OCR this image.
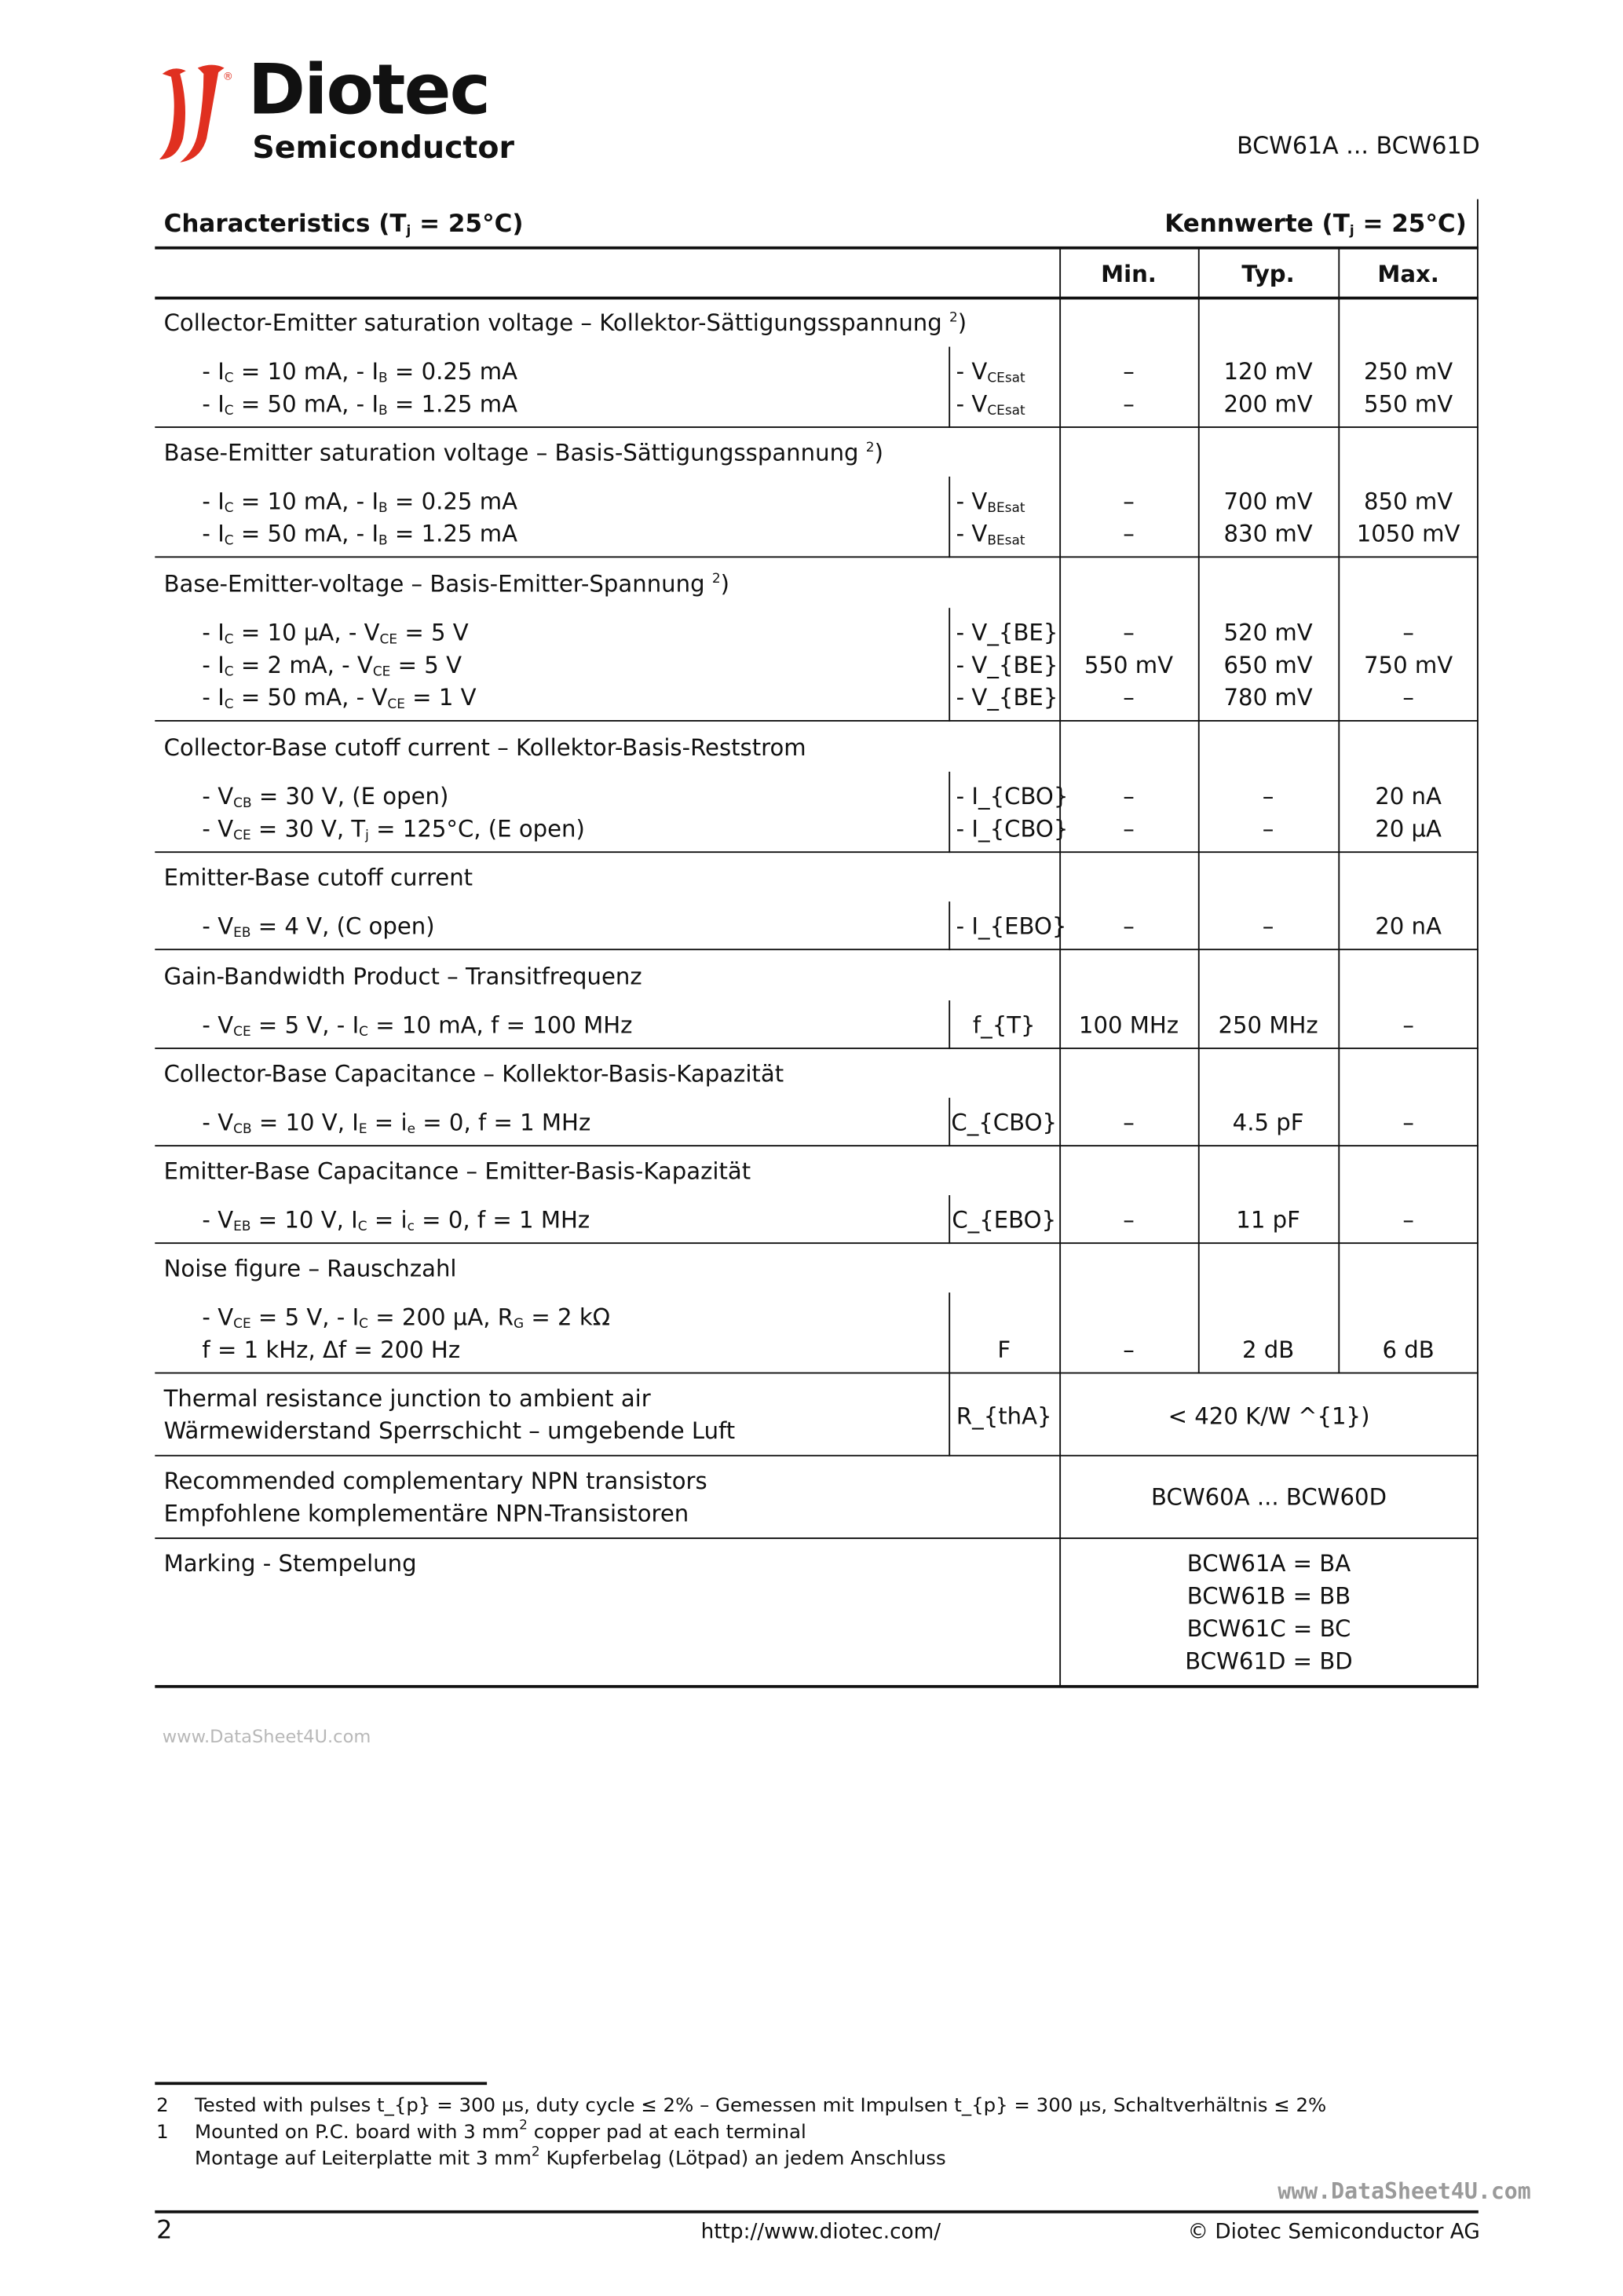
® Diotec
Semiconductor	BCW61A ... BCW61D
Characteristics $(T_j = 25^\circ C)$	Kennwerte $(T_j = 25^\circ C)$
Min.	Typ.	Max.
Collector-Emitter saturation voltage – Kollektor-Sättigungsspannung $^2$)
- $I_C = 10$ mA, - $I_B = 0.25$ mA	- $V_{CEsat}$	–	120 mV	250 mV
- $I_C = 50$ mA, - $I_B = 1.25$ mA	- $V_{CEsat}$	–	200 mV	550 mV
Base-Emitter saturation voltage – Basis-Sättigungsspannung $^2$)
- $I_C = 10$ mA, - $I_B = 0.25$ mA	- $V_{BEsat}$	–	700 mV	850 mV
- $I_C = 50$ mA, - $I_B = 1.25$ mA	- $V_{BEsat}$	–	830 mV	1050 mV
Base-Emitter-voltage – Basis-Emitter-Spannung $^2$)
- $I_C = 10$ µA, - $V_{CE} = 5$ V	- V_{BE}	–	520 mV	–
- $I_C = 2$ mA, - $V_{CE} = 5$ V	- V_{BE}	550 mV	650 mV	750 mV
- $I_C = 50$ mA, - $V_{CE} = 1$ V	- V_{BE}	–	780 mV	–
Collector-Base cutoff current – Kollektor-Basis-Reststrom
- $V_{CB} = 30$ V, (E open)	- I_{CBO}	–	–	20 nA
- $V_{CE} = 30$ V, $T_j = 125^\circ C$, (E open)	- I_{CBO}	–	–	20 µA
Emitter-Base cutoff current
- $V_{EB} = 4$ V, (C open)	- I_{EBO}	–	–	20 nA
Gain-Bandwidth Product – Transitfrequenz
- $V_{CE} = 5$ V, - $I_C = 10$ mA, f = 100 MHz	f_{T}	100 MHz	250 MHz	–
Collector-Base Capacitance – Kollektor-Basis-Kapazität
- $V_{CB} = 10$ V, $I_E = i_e = 0$, f = 1 MHz	C_{CBO}	–	4.5 pF	–
Emitter-Base Capacitance – Emitter-Basis-Kapazität
- $V_{EB} = 10$ V, $I_C = i_c = 0$, f = 1 MHz	C_{EBO}	–	11 pF	–
Noise figure – Rauschzahl
- $V_{CE} = 5$ V, - $I_C = 200$ µA, $R_G = 2$ kΩ
f = 1 kHz, Δf = 200 Hz	F	–	2 dB	6 dB
Thermal resistance junction to ambient air
Wärmewiderstand Sperrschicht – umgebende Luft
R_{thA}	< 420 K/W ^{1})
Recommended complementary NPN transistors
Empfohlene komplementäre NPN-Transistoren
BCW60A ... BCW60D
Marking - Stempelung	BCW61A = BA
BCW61B = BB
BCW61C = BC
BCW61D = BD
www.DataSheet4U.com
2	Tested with pulses t_{p} = 300 µs, duty cycle ≤ 2% – Gemessen mit Impulsen t_{p} = 300 µs, Schaltverhältnis ≤ 2%
1	Mounted on P.C. board with 3 $mm^2$ copper pad at each terminal
Montage auf Leiterplatte mit 3 $mm^2$ Kupferbelag (Lötpad) an jedem Anschluss
www.DataSheet4U.com
2	http://www.diotec.com/	© Diotec Semiconductor AG
